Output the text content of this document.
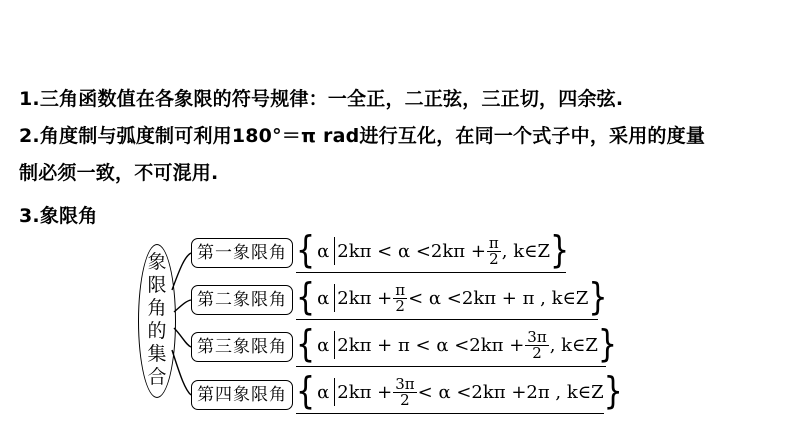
1.三角函数值在各象限的符号规律：一全正，二正弦，三正切，四余弦.
2.角度制与弧度制可利用180°＝π rad进行互化，在同一个式子中，采用的度量
制必须一致，不可混用.
3.象限角
象
限
角
的
集
合
第一象限角
第二象限角
第三象限角
第四象限角
{ α $2k\pi < \alpha <2k\pi + \frac{\pi}{2}$ , k∈Z }
{ α $2k\pi + \frac{\pi}{2} < \alpha <2k\pi + \pi$ , k∈Z }
{ α $2k\pi + \pi < \alpha <2k\pi + \frac{3\pi}{2}$ , k∈Z }
{ α $2k\pi + \frac{3\pi}{2} < \alpha <2k\pi +2\pi$ , k∈Z }
